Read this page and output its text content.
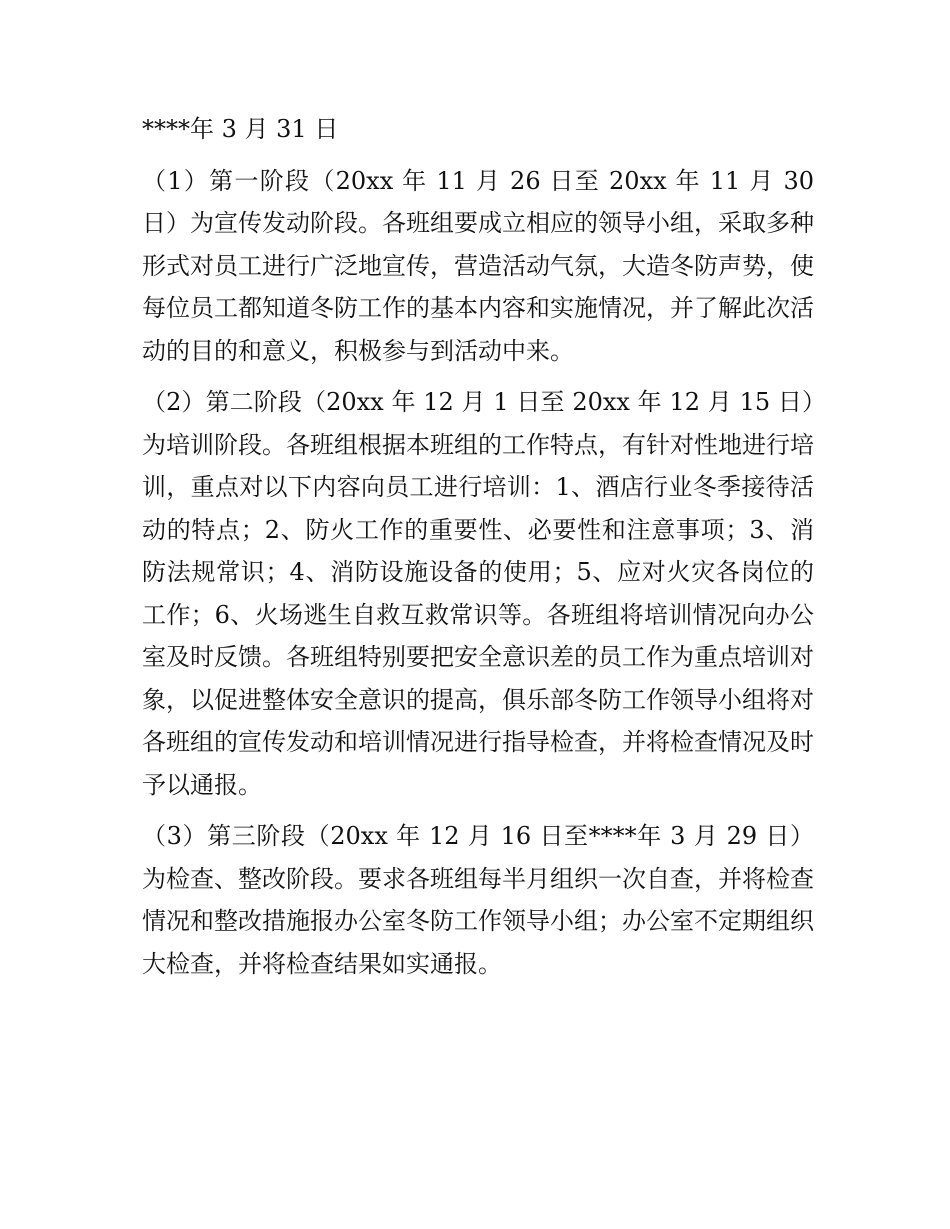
****年 3 月 31 日

（1）第一阶段（20xx 年 11 月 26 日至 20xx 年 11 月 30 日）为宣传发动阶段。各班组要成立相应的领导小组，采取多种形式对员工进行广泛地宣传，营造活动气氛，大造冬防声势，使每位员工都知道冬防工作的基本内容和实施情况，并了解此次活动的目的和意义，积极参与到活动中来。

（2）第二阶段（20xx 年 12 月 1 日至 20xx 年 12 月 15 日）为培训阶段。各班组根据本班组的工作特点，有针对性地进行培训，重点对以下内容向员工进行培训：1、酒店行业冬季接待活动的特点；2、防火工作的重要性、必要性和注意事项；3、消防法规常识；4、消防设施设备的使用；5、应对火灾各岗位的工作；6、火场逃生自救互救常识等。各班组将培训情况向办公室及时反馈。各班组特别要把安全意识差的员工作为重点培训对象，以促进整体安全意识的提高，俱乐部冬防工作领导小组将对各班组的宣传发动和培训情况进行指导检查，并将检查情况及时予以通报。

（3）第三阶段（20xx 年 12 月 16 日至****年 3 月 29 日）为检查、整改阶段。要求各班组每半月组织一次自查，并将检查情况和整改措施报办公室冬防工作领导小组；办公室不定期组织大检查，并将检查结果如实通报。
